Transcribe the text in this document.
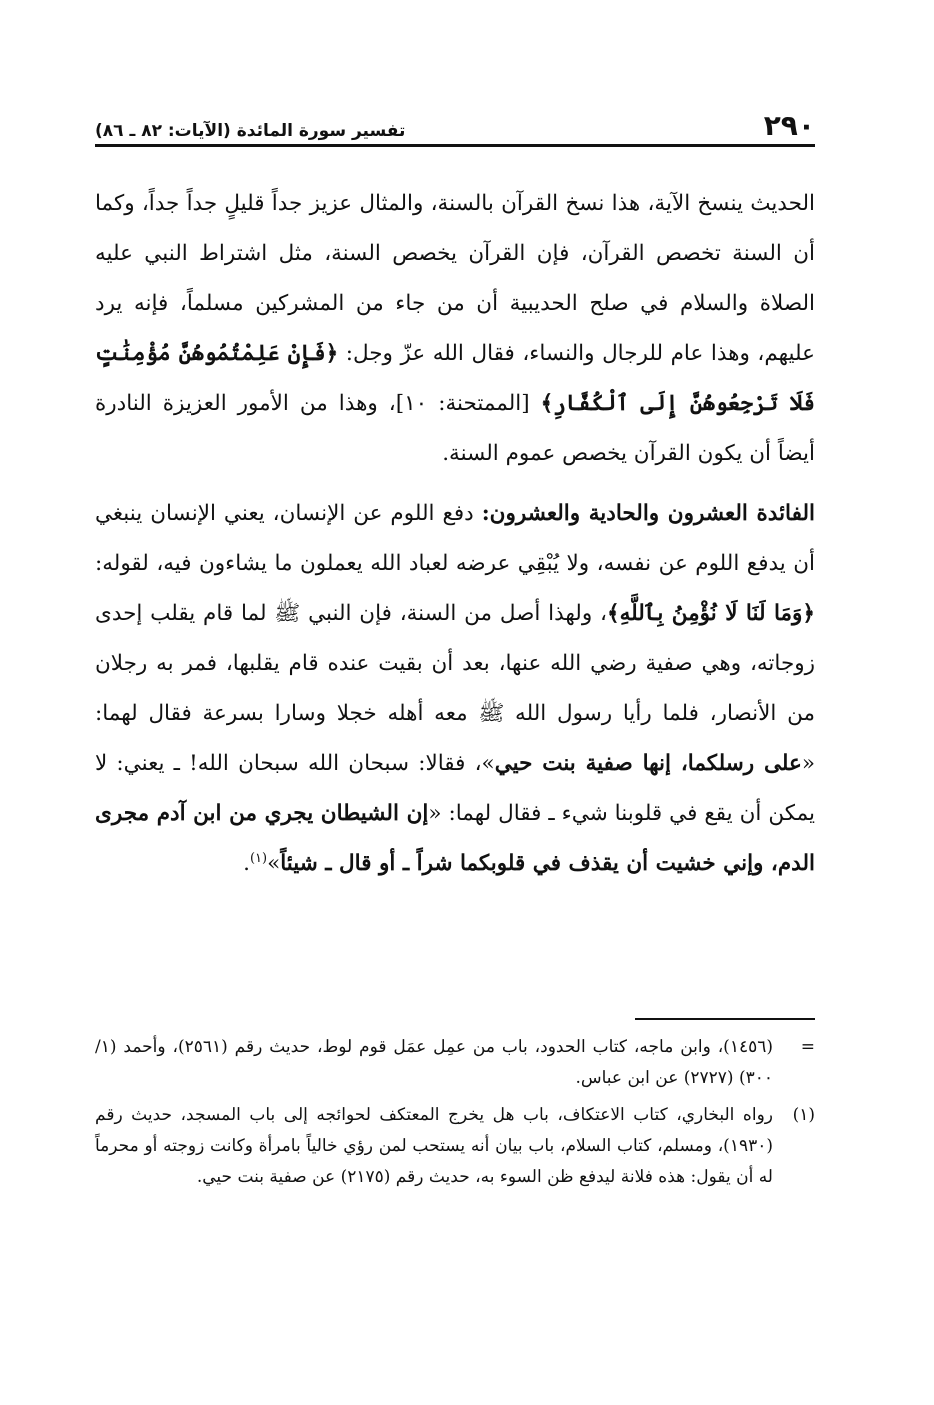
٢٩٠
تفسير سورة المائدة (الآيات: ٨٢ ـ ٨٦)

الحديث ينسخ الآية، هذا نسخ القرآن بالسنة، والمثال عزيز جداً قليلٍ جداً جداً، وكما أن السنة تخصص القرآن، فإن القرآن يخصص السنة، مثل اشتراط النبي عليه الصلاة والسلام في صلح الحديبية أن من جاء من المشركين مسلماً، فإنه يرد عليهم، وهذا عام للرجال والنساء، فقال الله عزّ وجل: ﴿فَإِنْ عَلِمْتُمُوهُنَّ مُؤْمِنَٰتٍ فَلَا تَرْجِعُوهُنَّ إِلَى ٱلْكُفَّارِ﴾ [الممتحنة: ١٠]، وهذا من الأمور العزيزة النادرة أيضاً أن يكون القرآن يخصص عموم السنة.

الفائدة العشرون والحادية والعشرون: دفع اللوم عن الإنسان، يعني الإنسان ينبغي أن يدفع اللوم عن نفسه، ولا يُبْقِي عرضه لعباد الله يعملون ما يشاءون فيه، لقوله: ﴿وَمَا لَنَا لَا نُؤْمِنُ بِٱللَّهِ﴾، ولهذا أصل من السنة، فإن النبي ﷺ لما قام يقلب إحدى زوجاته، وهي صفية رضي الله عنها، بعد أن بقيت عنده قام يقلبها، فمر به رجلان من الأنصار، فلما رأيا رسول الله ﷺ معه أهله خجلا وسارا بسرعة فقال لهما: «على رسلكما، إنها صفية بنت حيي»، فقالا: سبحان الله سبحان الله! ـ يعني: لا يمكن أن يقع في قلوبنا شيء ـ فقال لهما: «إن الشيطان يجري من ابن آدم مجرى الدم، وإني خشيت أن يقذف في قلوبكما شراً ـ أو قال ـ شيئاً»$^{(١)}$.

=
(١٤٥٦)، وابن ماجه، كتاب الحدود، باب من عمِل عمَل قوم لوط، حديث رقم (٢٥٦١)، وأحمد (١/ ٣٠٠) (٢٧٢٧) عن ابن عباس.

(١)
رواه البخاري، كتاب الاعتكاف، باب هل يخرج المعتكف لحوائجه إلى باب المسجد، حديث رقم (١٩٣٠)، ومسلم، كتاب السلام، باب بيان أنه يستحب لمن رؤي خالياً بامرأة وكانت زوجته أو محرماً له أن يقول: هذه فلانة ليدفع ظن السوء به، حديث رقم (٢١٧٥) عن صفية بنت حيي.
